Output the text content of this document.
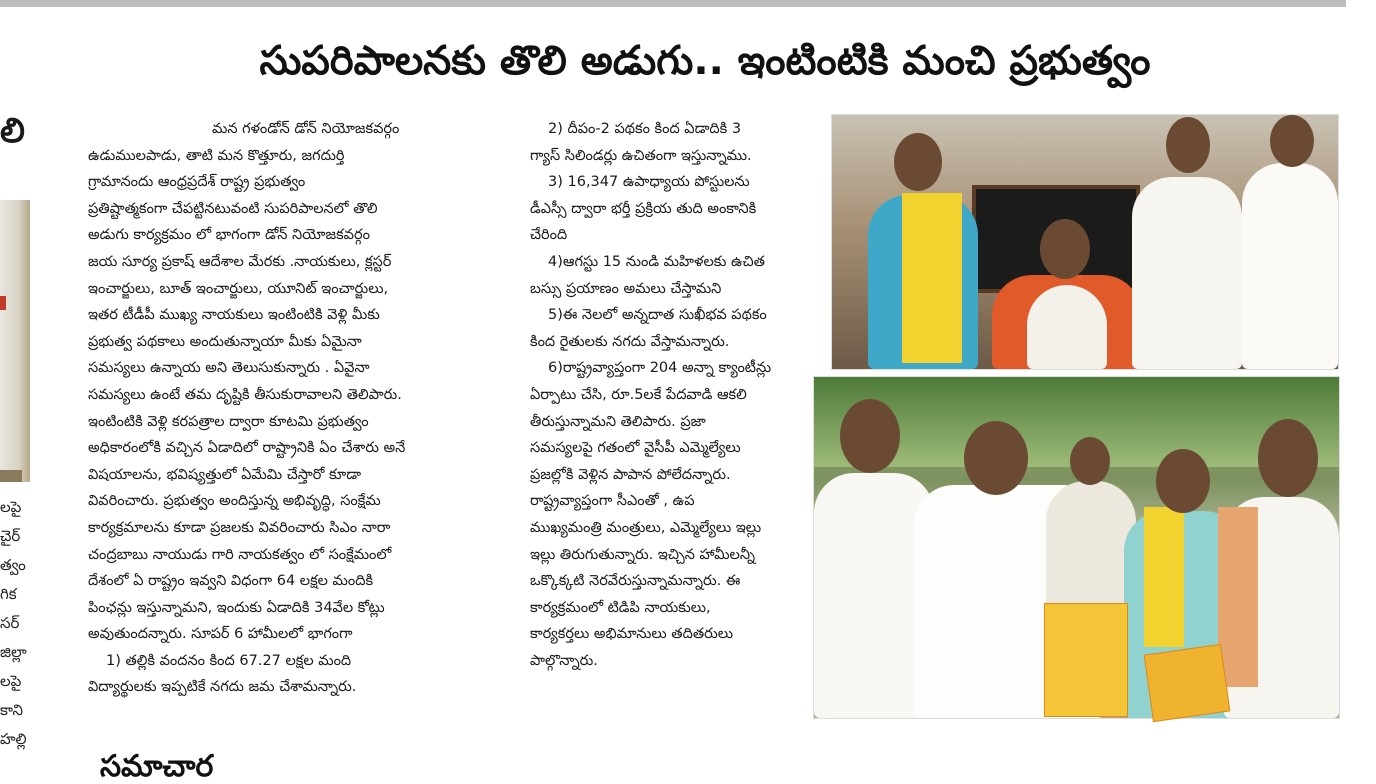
సుపరిపాలనకు తొలి అడుగు.. ఇంటింటికి మంచి ప్రభుత్వం
లి
లపై
చైర్
త్వం
గిక
సర్
జిల్లా
లపై
కాని
హల్లి
మన గళండోన్ డోన్ నియోజకవర్గం
ఉడుములపాడు, తాటి మన కొత్తూరు, జగదుర్తి
గ్రామానందు ఆంధ్రప్రదేశ్ రాష్ట్ర ప్రభుత్వం
ప్రతిష్టాత్మకంగా చేపట్టినటువంటి సుపరిపాలనలో తొలి
అడుగు కార్యక్రమం లో భాగంగా డోన్ నియోజకవర్గం
జయ సూర్య ప్రకాష్ ఆదేశాల మేరకు .నాయకులు, క్లస్టర్
ఇంచార్జులు, బూత్ ఇంచార్జులు, యూనిట్ ఇంచార్జులు,
ఇతర టీడీపీ ముఖ్య నాయకులు ఇంటింటికి వెళ్లి మీకు
ప్రభుత్వ పథకాలు అందుతున్నాయా మీకు ఏమైనా
సమస్యలు ఉన్నాయ అని తెలుసుకున్నారు . ఏవైనా
సమస్యలు ఉంటే తమ దృష్టికి తీసుకురావాలని తెలిపారు.
ఇంటింటికి వెళ్లి కరపత్రాల ద్వారా కూటమి ప్రభుత్వం
అధికారంలోకి వచ్చిన ఏడాదిలో రాష్ట్రానికి ఏం చేశారు అనే
విషయాలను, భవిష్యత్తులో ఏమేమి చేస్తారో కూడా
వివరించారు. ప్రభుత్వం అందిస్తున్న అభివృద్ధి, సంక్షేమ
కార్యక్రమాలను కూడా ప్రజలకు వివరించారు సిఎం నారా
చంద్రబాబు నాయుడు గారి నాయకత్వం లో సంక్షేమంలో
దేశంలో ఏ రాష్ట్రం ఇవ్వని విధంగా 64 లక్షల మందికి
పింఛన్లు ఇస్తున్నామని, ఇందుకు ఏడాదికి 34వేల కోట్లు
అవుతుందన్నారు. సూపర్ 6 హామీలలో భాగంగా
1) తల్లికి వందనం కింద 67.27 లక్షల మంది
విద్యార్థులకు ఇప్పటికే నగదు జమ చేశామన్నారు.
2) దీపం-2 పథకం కింద ఏడాదికి 3
గ్యాస్ సిలిండర్లు ఉచితంగా ఇస్తున్నాము.
3) 16,347 ఉపాధ్యాయ పోస్టులను
డీఎస్సీ ద్వారా భర్తీ ప్రక్రియ తుది అంకానికి
చేరింది
4)ఆగస్టు 15 నుండి మహిళలకు ఉచిత
బస్సు ప్రయాణం అమలు చేస్తామని
5)ఈ నెలలో అన్నదాత సుఖీభవ పథకం
కింద రైతులకు నగదు వేస్తామన్నారు.
6)రాష్ట్రవ్యాప్తంగా 204 అన్నా క్యాంటీన్లు
ఏర్పాటు చేసి, రూ.5లకే పేదవాడి ఆకలి
తీరుస్తున్నామని తెలిపారు. ప్రజా
సమస్యలపై గతంలో వైసీపీ ఎమ్మెల్యేలు
ప్రజల్లోకి వెళ్లిన పాపాన పోలేదన్నారు.
రాష్ట్రవ్యాప్తంగా సీఎంతో , ఉప
ముఖ్యమంత్రి మంత్రులు, ఎమ్మెల్యేలు ఇల్లు
ఇల్లు తిరుగుతున్నారు. ఇచ్చిన హామీలన్నీ
ఒక్కొక్కటి నెరవేరుస్తున్నామన్నారు. ఈ
కార్యక్రమంలో టిడిపి నాయకులు,
కార్యకర్తలు అభిమానులు తదితరులు
పాల్గొన్నారు.
సమాచార
